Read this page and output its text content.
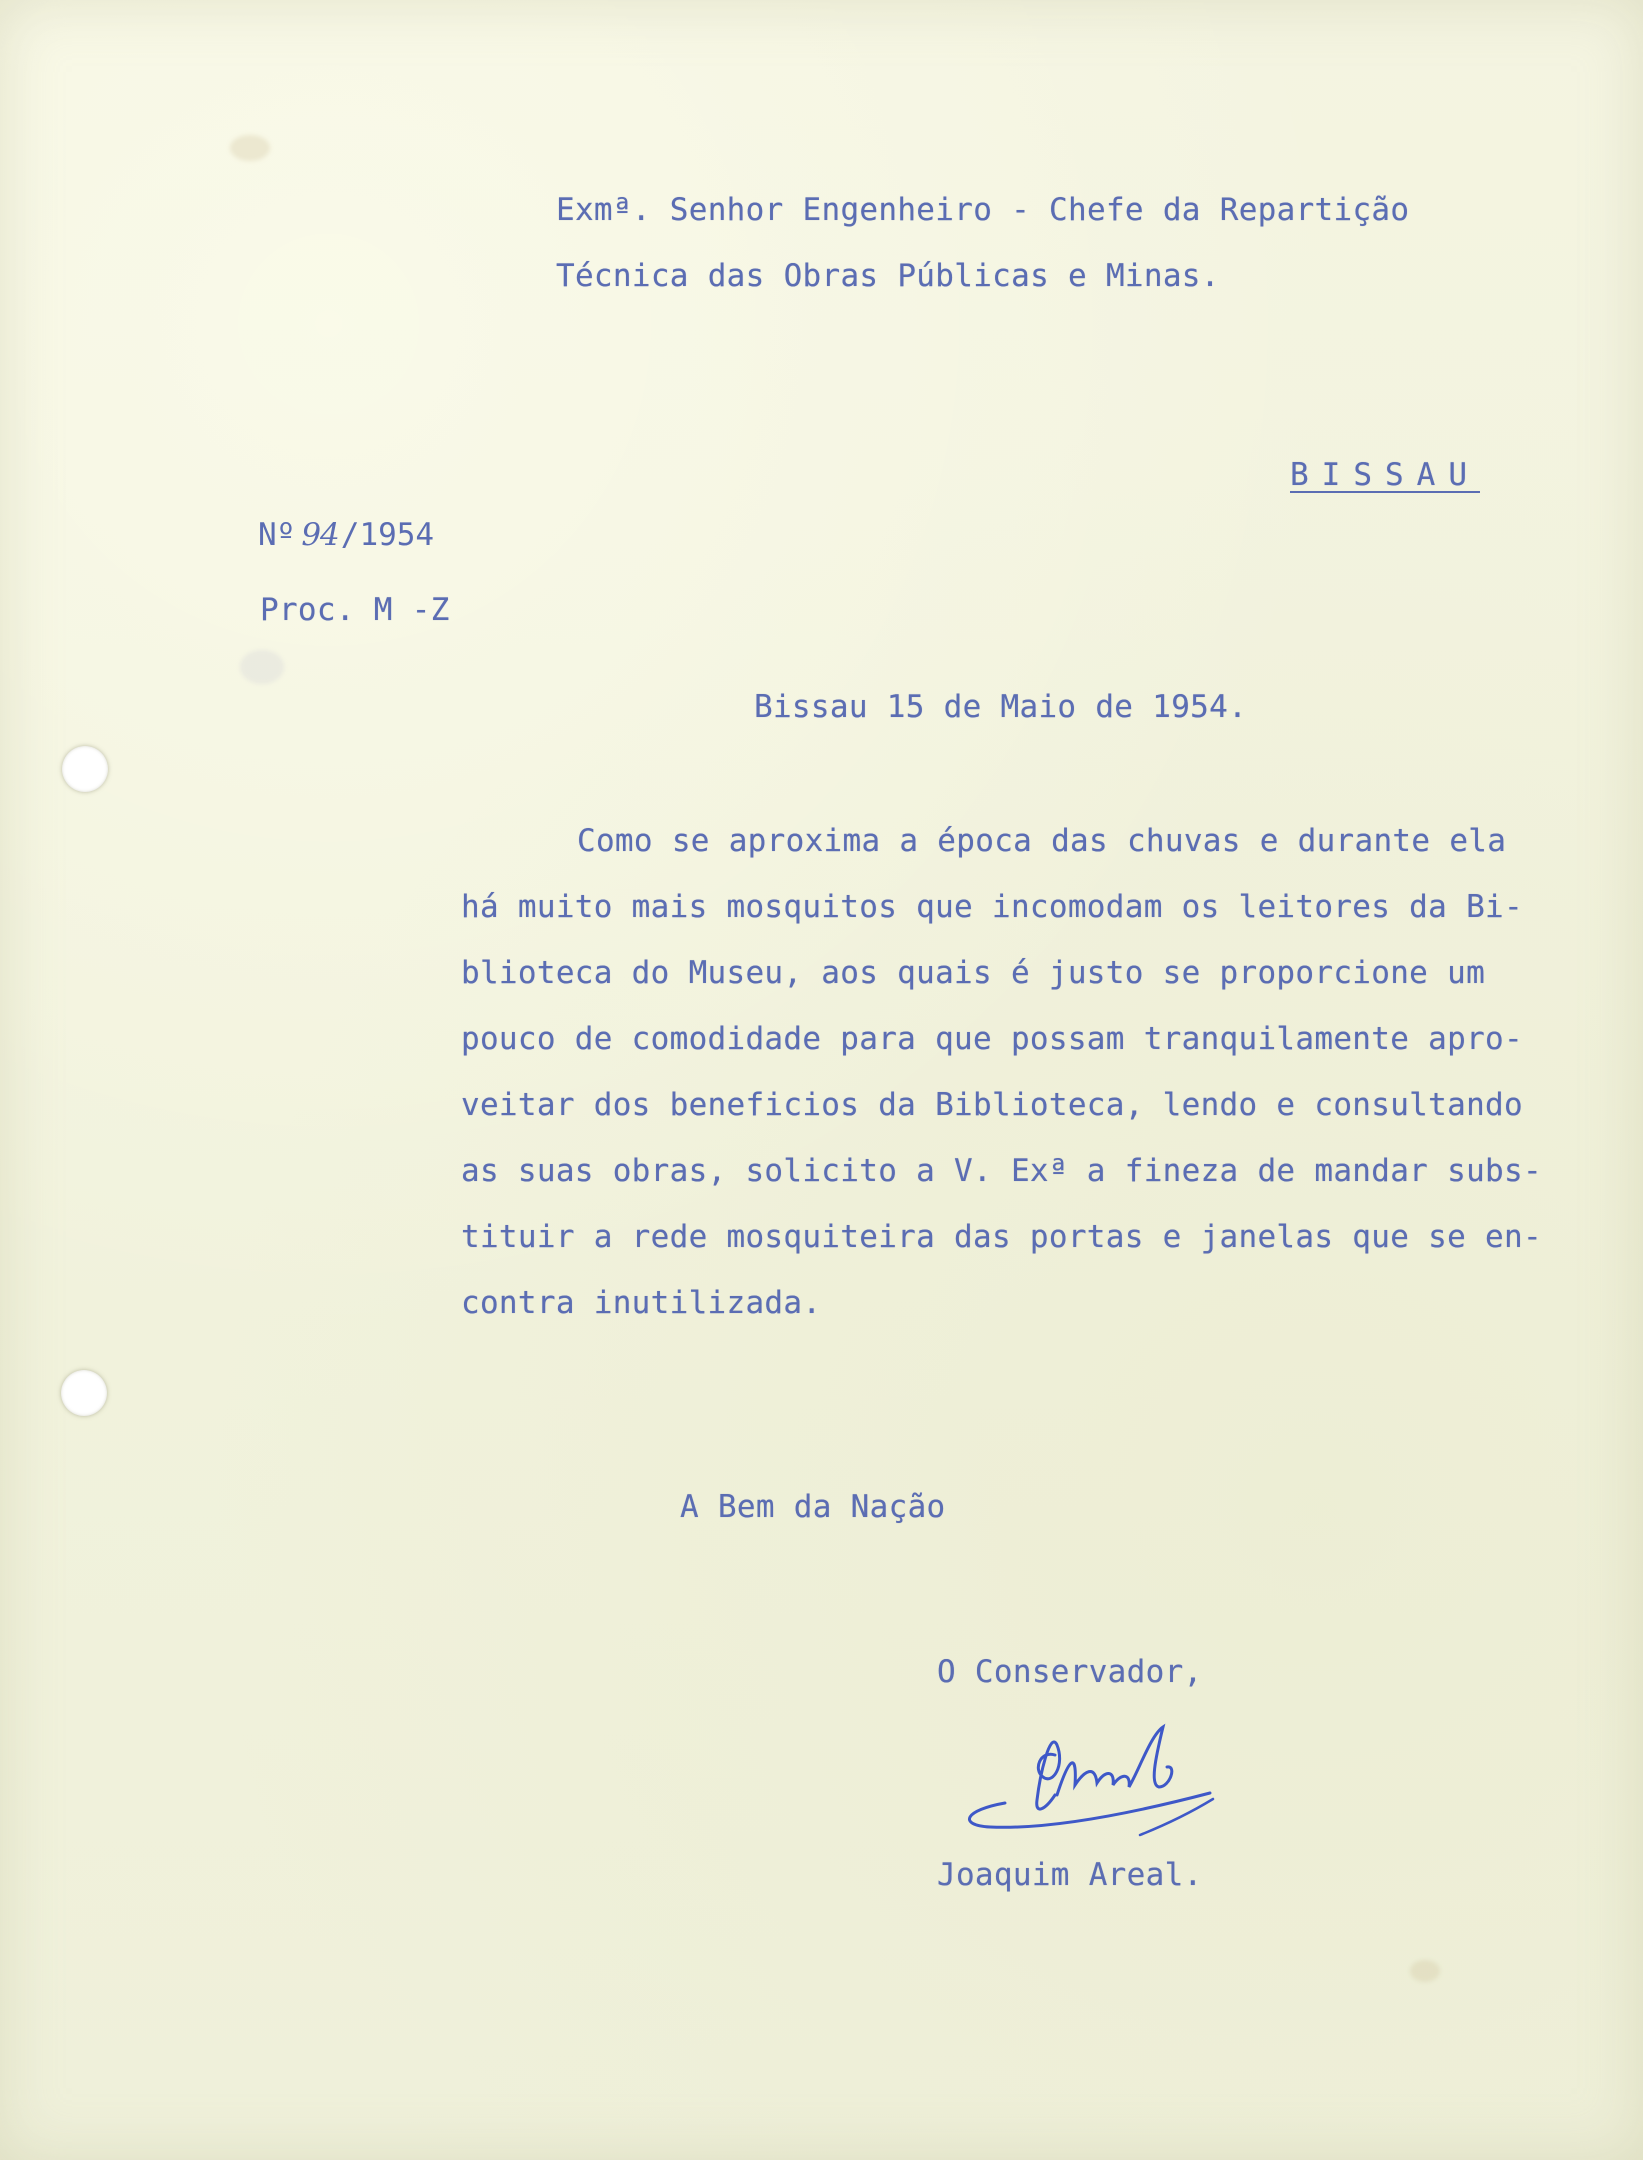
Exmª. Senhor Engenheiro - Chefe da Repartição
Técnica das Obras Públicas e Minas.
BISSAU
Nº 94/1954
Proc. M -Z
Bissau 15 de Maio de 1954.
Como se aproxima a época das chuvas e durante ela
há muito mais mosquitos que incomodam os leitores da Bi-
blioteca do Museu, aos quais é justo se proporcione um
pouco de comodidade para que possam tranquilamente apro-
veitar dos beneficios da Biblioteca, lendo e consultando
as suas obras, solicito a V. Exª a fineza de mandar subs-
tituir a rede mosquiteira das portas e janelas que se en-
contra inutilizada.
A Bem da Nação
O Conservador,
Joaquim Areal.
